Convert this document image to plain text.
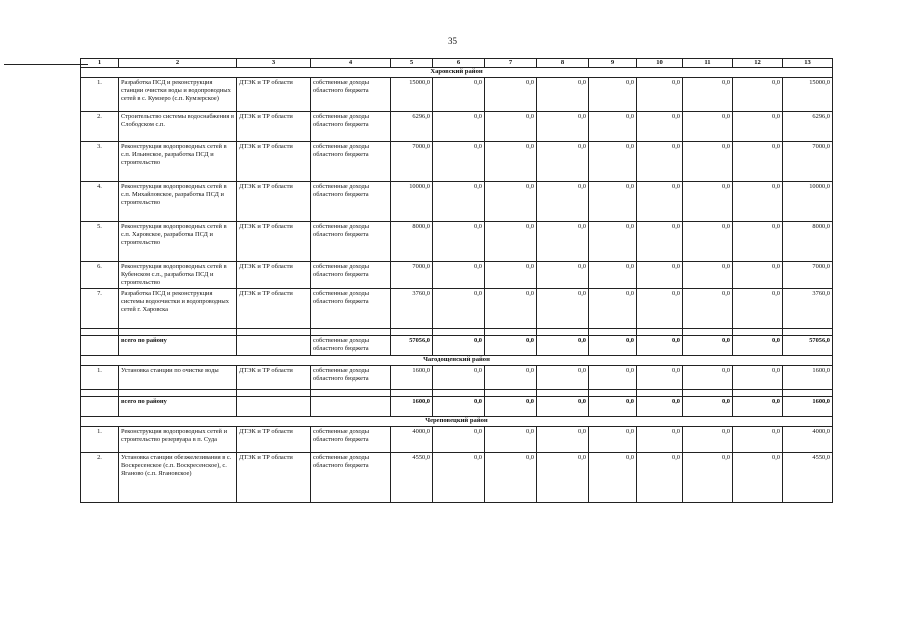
35
1	2	3	4	5	6	7	8	9	10	11	12	13
Харовский район												
1.	Разработка ПСД и реконструкция станции очистки воды и водопроводных сетей в с. Кумзеро (с.п. Кумзерское)	ДТЭК и ТР области	собственные доходы областного бюджета	15000,0	0,0	0,0	0,0	0,0	0,0	0,0	0,0	15000,0
2.	Строительство системы водоснабжения в Слободском с.п.	ДТЭК и ТР области	собственные доходы областного бюджета	6296,0	0,0	0,0	0,0	0,0	0,0	0,0	0,0	6296,0
3.	Реконструкция водопроводных сетей в с.п. Ильинское, разработка ПСД и строительство	ДТЭК и ТР области	собственные доходы областного бюджета	7000,0	0,0	0,0	0,0	0,0	0,0	0,0	0,0	7000,0
4.	Реконструкция водопроводных сетей в с.п. Михайловское, разработка ПСД и строительство	ДТЭК и ТР области	собственные доходы областного бюджета	10000,0	0,0	0,0	0,0	0,0	0,0	0,0	0,0	10000,0
5.	Реконструкция водопроводных сетей в с.п. Харовское, разработка ПСД и строительство	ДТЭК и ТР области	собственные доходы областного бюджета	8000,0	0,0	0,0	0,0	0,0	0,0	0,0	0,0	8000,0
6.	Реконструкция водопроводных сетей в Кубенском с.п., разработка ПСД и строительство	ДТЭК и ТР области	собственные доходы областного бюджета	7000,0	0,0	0,0	0,0	0,0	0,0	0,0	0,0	7000,0
7.	Разработка ПСД и реконструкция системы водоочистки и водопроводных сетей г. Харовска	ДТЭК и ТР области	собственные доходы областного бюджета	3760,0	0,0	0,0	0,0	0,0	0,0	0,0	0,0	3760,0

	всего по району		собственные доходы областного бюджета	57056,0	0,0	0,0	0,0	0,0	0,0	0,0	0,0	57056,0
Чагодощенский район												
1.	Установка станции по очистке воды	ДТЭК и ТР области	собственные доходы областного бюджета	1600,0	0,0	0,0	0,0	0,0	0,0	0,0	0,0	1600,0

	всего по району			1600,0	0,0	0,0	0,0	0,0	0,0	0,0	0,0	1600,0
Череповецкий район												
1.	Реконструкция водопроводных сетей и строительство резервуара в п. Суда	ДТЭК и ТР области	собственные доходы областного бюджета	4000,0	0,0	0,0	0,0	0,0	0,0	0,0	0,0	4000,0
2.	Установка станции обезжелезивания в с. Воскресенское (с.п. Воскресенское), с. Яганово (с.п. Ягановское)	ДТЭК и ТР области	собственные доходы областного бюджета	4550,0	0,0	0,0	0,0	0,0	0,0	0,0	0,0	4550,0
